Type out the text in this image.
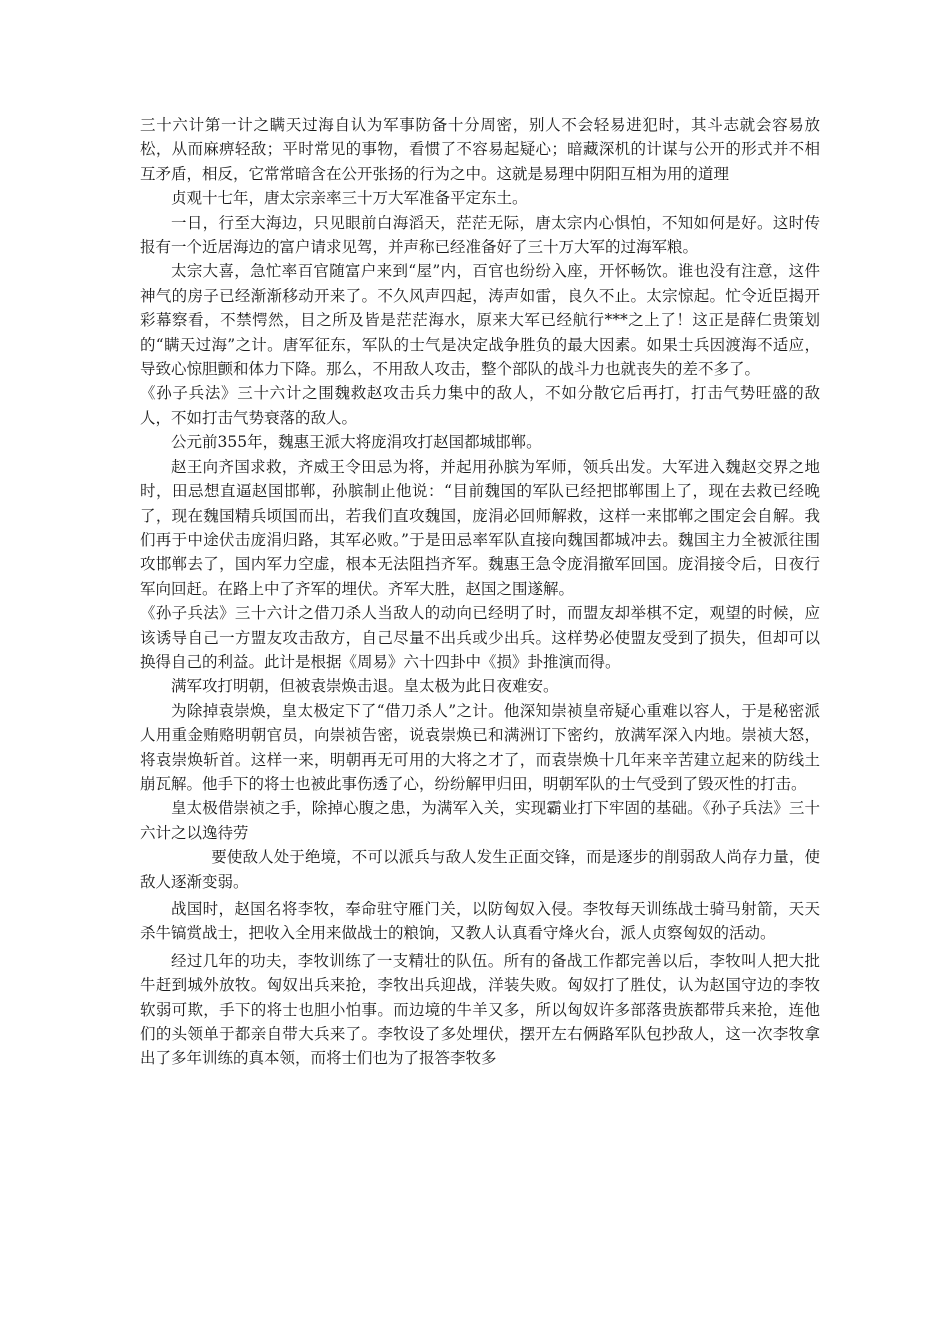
三十六计第一计之瞒天过海自认为军事防备十分周密，别人不会轻易进犯时，其斗志就会容易放松，从而麻痹轻敌；平时常见的事物，看惯了不容易起疑心；暗藏深机的计谋与公开的形式并不相互矛盾，相反，它常常暗含在公开张扬的行为之中。这就是易理中阴阳互相为用的道理

贞观十七年，唐太宗亲率三十万大军准备平定东土。

一日，行至大海边，只见眼前白海滔天，茫茫无际，唐太宗内心惧怕，不知如何是好。这时传报有一个近居海边的富户请求见驾，并声称已经准备好了三十万大军的过海军粮。

太宗大喜，急忙率百官随富户来到“屋”内，百官也纷纷入座，开怀畅饮。谁也没有注意，这件神气的房子已经渐渐移动开来了。不久风声四起，涛声如雷，良久不止。太宗惊起。忙令近臣揭开彩幕察看，不禁愕然，目之所及皆是茫茫海水，原来大军已经航行***之上了！这正是薛仁贵策划的“瞒天过海”之计。唐军征东，军队的士气是决定战争胜负的最大因素。如果士兵因渡海不适应，导致心惊胆颤和体力下降。那么，不用敌人攻击，整个部队的战斗力也就丧失的差不多了。

《孙子兵法》三十六计之围魏救赵攻击兵力集中的敌人，不如分散它后再打，打击气势旺盛的敌人，不如打击气势衰落的敌人。

公元前355年，魏惠王派大将庞涓攻打赵国都城邯郸。

赵王向齐国求救，齐威王令田忌为将，并起用孙膑为军师，领兵出发。大军进入魏赵交界之地时，田忌想直逼赵国邯郸，孙膑制止他说：“目前魏国的军队已经把邯郸围上了，现在去救已经晚了，现在魏国精兵顷国而出，若我们直攻魏国，庞涓必回师解救，这样一来邯郸之围定会自解。我们再于中途伏击庞涓归路，其军必败。”于是田忌率军队直接向魏国都城冲去。魏国主力全被派往围攻邯郸去了，国内军力空虚，根本无法阻挡齐军。魏惠王急令庞涓撤军回国。庞涓接令后，日夜行军向回赶。在路上中了齐军的埋伏。齐军大胜，赵国之围遂解。

《孙子兵法》三十六计之借刀杀人当敌人的动向已经明了时，而盟友却举棋不定，观望的时候，应该诱导自己一方盟友攻击敌方，自己尽量不出兵或少出兵。这样势必使盟友受到了损失，但却可以换得自己的利益。此计是根据《周易》六十四卦中《损》卦推演而得。

满军攻打明朝，但被袁崇焕击退。皇太极为此日夜难安。

为除掉袁崇焕，皇太极定下了“借刀杀人”之计。他深知崇祯皇帝疑心重难以容人，于是秘密派人用重金贿赂明朝官员，向崇祯告密，说袁崇焕已和满洲订下密约，放满军深入内地。崇祯大怒，将袁崇焕斩首。这样一来，明朝再无可用的大将之才了，而袁崇焕十几年来辛苦建立起来的防线土崩瓦解。他手下的将士也被此事伤透了心，纷纷解甲归田，明朝军队的士气受到了毁灭性的打击。

皇太极借崇祯之手，除掉心腹之患，为满军入关，实现霸业打下牢固的基础。《孙子兵法》三十六计之以逸待劳

要使敌人处于绝境，不可以派兵与敌人发生正面交锋，而是逐步的削弱敌人尚存力量，使敌人逐渐变弱。

战国时，赵国名将李牧，奉命驻守雁门关，以防匈奴入侵。李牧每天训练战士骑马射箭，天天杀牛镐赏战士，把收入全用来做战士的粮饷，又教人认真看守烽火台，派人贞察匈奴的活动。

经过几年的功夫，李牧训练了一支精壮的队伍。所有的备战工作都完善以后，李牧叫人把大批牛赶到城外放牧。匈奴出兵来抢，李牧出兵迎战，洋装失败。匈奴打了胜仗，认为赵国守边的李牧软弱可欺，手下的将士也胆小怕事。而边境的牛羊又多，所以匈奴许多部落贵族都带兵来抢，连他们的头领单于都亲自带大兵来了。李牧设了多处埋伏，摆开左右俩路军队包抄敌人，这一次李牧拿出了多年训练的真本领，而将士们也为了报答李牧多
